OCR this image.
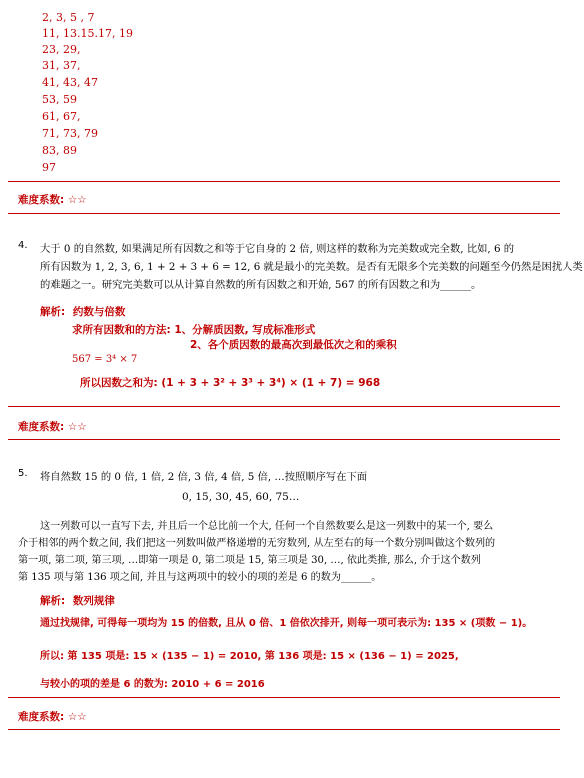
​
2, 3, 5 , 7
11, 13.15.17, 19
23, 29,
31, 37,
41, 43, 47
53, 59
61, 67,
71, 73, 79
83, 89
97
难度系数: ☆☆
4. 大于 0 的自然数, 如果满足所有因数之和等于它自身的 2 倍, 则这样的数称为完美数或完全数, 比如, 6 的
所有因数为 1, 2, 3, 6, 1 + 2 + 3 + 6 = 12, 6 就是最小的完美数。是否有无限多个完美数的问题至今仍然是困扰人类
的难题之一。研究完美数可以从计算自然数的所有因数之和开始, 567 的所有因数之和为______。
解析: 约数与倍数
求所有因数和的方法: 1、分解质因数, 写成标准形式
2、各个质因数的最高次到最低次之和的乘积
567 = 3⁴ × 7
所以因数之和为: (1 + 3 + 3² + 3³ + 3⁴) × (1 + 7) = 968
难度系数: ☆☆
5. 将自然数 15 的 0 倍, 1 倍, 2 倍, 3 倍, 4 倍, 5 倍, …按照顺序写在下面
0, 15, 30, 45, 60, 75…
这一列数可以一直写下去, 并且后一个总比前一个大, 任何一个自然数要么是这一列数中的某一个, 要么
介于相邻的两个数之间, 我们把这一列数叫做严格递增的无穷数列, 从左至右的每一个数分别叫做这个数列的
第一项, 第二项, 第三项, …即第一项是 0, 第二项是 15, 第三项是 30, …, 依此类推, 那么, 介于这个数列
第 135 项与第 136 项之间, 并且与这两项中的较小的项的差是 6 的数为______。
解析: 数列规律
通过找规律, 可得每一项均为 15 的倍数, 且从 0 倍、1 倍依次排开, 则每一项可表示为: 135 × (项数 − 1)。
所以: 第 135 项是: 15 × (135 − 1) = 2010, 第 136 项是: 15 × (136 − 1) = 2025,
与较小的项的差是 6 的数为: 2010 + 6 = 2016
难度系数: ☆☆
